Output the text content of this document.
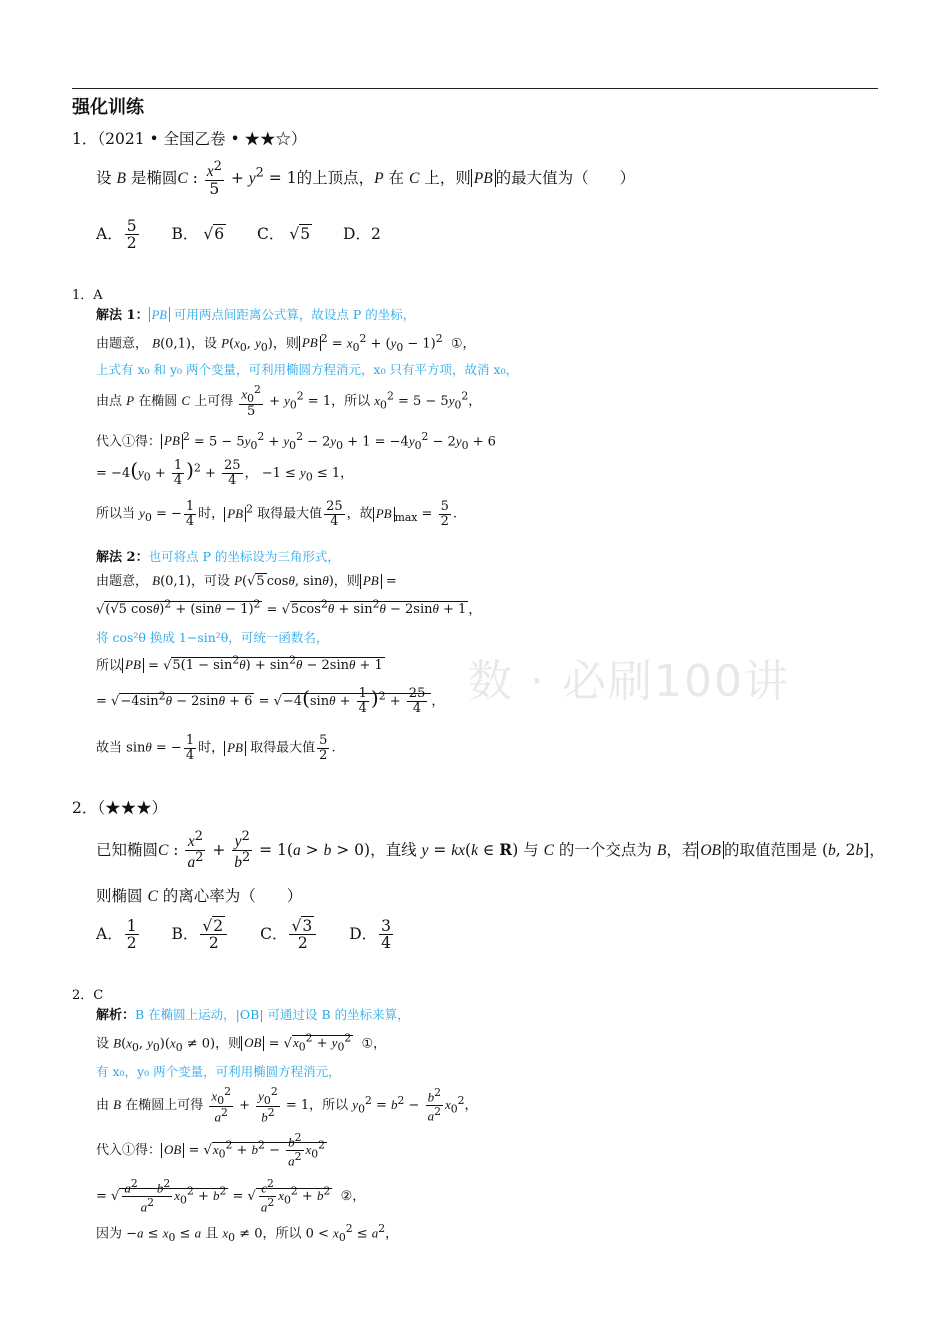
强化训练
数 · 必刷100讲
1．（2021 • 全国乙卷 • ★★☆）
设 B 是椭圆C : $\frac{x^2}{5} + y^2 = 1$的上顶点，P 在 C 上，则 PB 的最大值为（　　）
A． $\frac{5}{2}$ B． √6 C． √5 D．2
1．A
解法 1： PB 可用两点间距离公式算，故设点 P 的坐标，
由题意， B(0,1)，设 $P(x_0$, $y_0$)，则 PB $^2 = x_0^2 + (y_0 - 1)^2$ ①，
上式有 x₀ 和 y₀ 两个变量，可利用椭圆方程消元，x₀ 只有平方项，故消 x₀，
由点 P 在椭圆 C 上可得 $\frac{x_0^2}{5} + y_0^2 = 1$，所以 $x_0^2 = 5 - 5y_0^2$，
代入①得： PB $^2 = 5 - 5y_0^2 + y_0^2 - 2y_0 + 1 = -4y_0^2 - 2y_0 + 6$
= $-4(y_0 + \frac{1}{4} )^2 + \frac{25}{4}$ ， $-1 \le y_0 \le 1$，
所以当 $y_0$ = − $\frac{1}{4}$ 时， PB $^2$ 取得最大值 $\frac{25}{4}$ ，故 PB $_{max} = \frac{5}{2}$ .
解法 2：也可将点 P 的坐标设为三角形式，
由题意， B(0,1)，可设 P(√5 cosθ, sinθ)，则 PB =
√(√5 $\cos\theta)^2 + (\sin\theta - 1)^2 = √5\cos^2\theta + \sin^2\theta - 2\sin\theta + 1$ ，
将 cos²θ 换成 1−sin²θ，可统一函数名，
所以 PB = $√5(1 - \sin^2\theta) + \sin^2\theta - 2\sin\theta + 1$
= $√-4\sin^2\theta - 2\sin\theta + 6 = √-4(\sin\theta + \frac{1}{4} )^2 + \frac{25}{4}$ ，
故当 sinθ = − $\frac{1}{4}$ 时， PB 取得最大值 $\frac{5}{2}$ .
2．（★★★）
已知椭圆C : $\frac{x^2}{a^2} + \frac{y^2}{b^2} = 1(a > b > 0)$，直线 y = kx(k ∈ R) 与 C 的一个交点为 B，若 OB 的取值范围是 (b, 2b]，
则椭圆 C 的离心率为（　　）
A． $\frac{1}{2}$ B． $\frac{√2}{2}$ C． $\frac{√3}{2}$ D． $\frac{3}{4}$
2．C
解析：B 在椭圆上运动，|OB| 可通过设 B 的坐标来算，
设 $B(x_0$, $y_0)(x_0 \ne 0)$，则 OB = $√x_0^2 + y_0^2$ ①，
有 x₀，y₀ 两个变量，可利用椭圆方程消元，
由 B 在椭圆上可得 $\frac{x_0^2}{a^2} + \frac{y_0^2}{b^2} = 1$，所以 $y_0^2 = b^2 - \frac{b^2}{a^2} x_0^2$，
代入①得： OB = $√x_0^2 + b^2 - \frac{b^2}{a^2} x_0^2$
= √ $\frac{a^2 - b^2}{a^2} x_0^2 + b^2$ = √ $\frac{c^2}{a^2} x_0^2 + b^2$ ②，
因为 $-a \le x_0 \le a$ 且 $x_0 \ne 0$，所以 $0 < x_0^2 \le a^2$，
